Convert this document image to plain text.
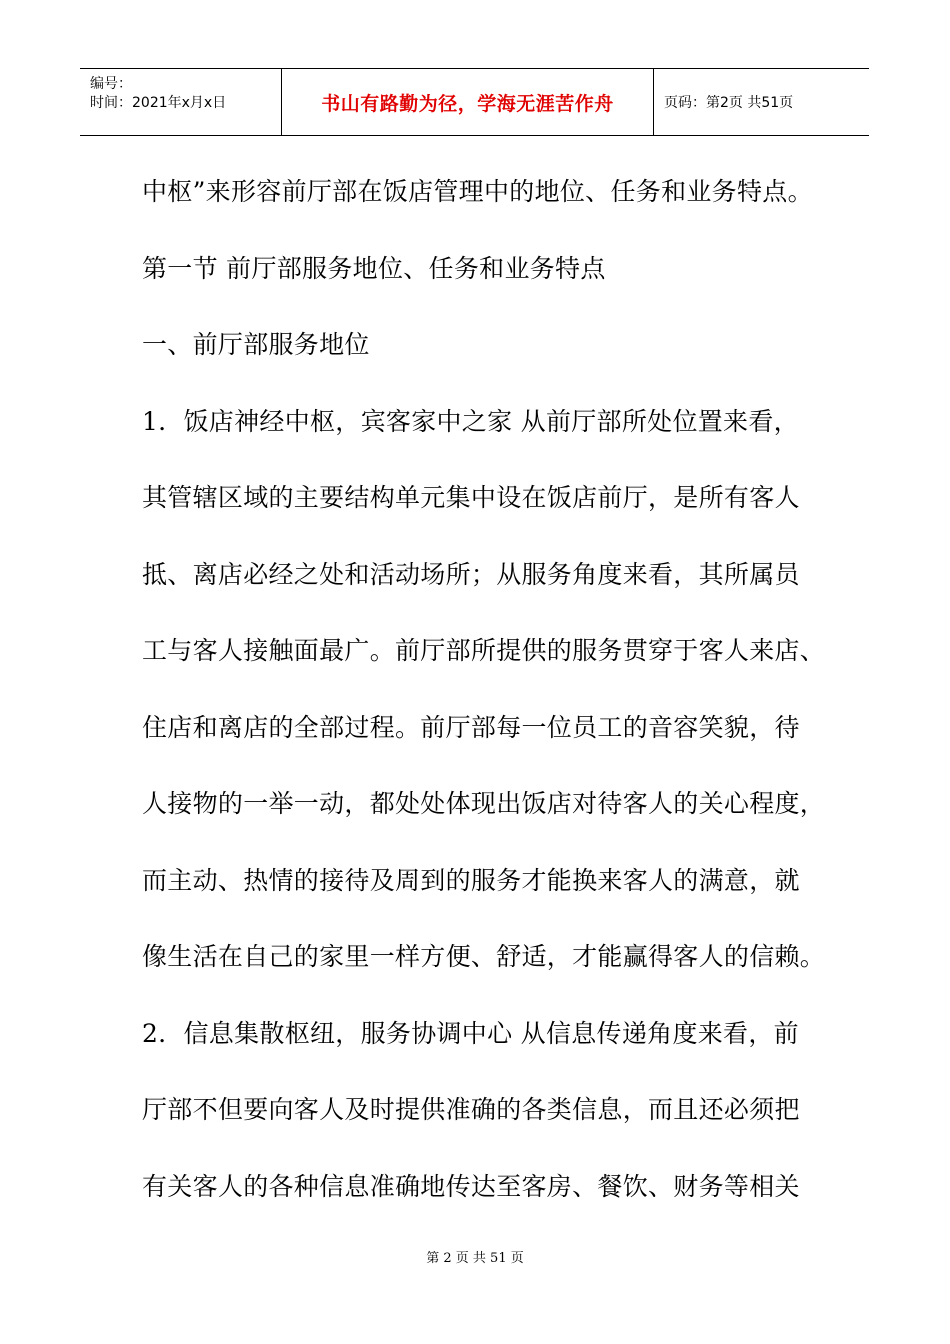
编号：
时间：2021年x月x日	书山有路勤为径，学海无涯苦作舟	页码：第2页 共51页
中枢”来形容前厅部在饭店管理中的地位、任务和业务特点。
第一节 前厅部服务地位、任务和业务特点
一、前厅部服务地位
1．饭店神经中枢，宾客家中之家 从前厅部所处位置来看，
其管辖区域的主要结构单元集中设在饭店前厅，是所有客人
抵、离店必经之处和活动场所；从服务角度来看，其所属员
工与客人接触面最广。前厅部所提供的服务贯穿于客人来店、
住店和离店的全部过程。前厅部每一位员工的音容笑貌，待
人接物的一举一动，都处处体现出饭店对待客人的关心程度，
而主动、热情的接待及周到的服务才能换来客人的满意，就
像生活在自己的家里一样方便、舒适，才能赢得客人的信赖。
2．信息集散枢纽，服务协调中心 从信息传递角度来看，前
厅部不但要向客人及时提供准确的各类信息，而且还必须把
有关客人的各种信息准确地传达至客房、餐饮、财务等相关
第 2 页 共 51 页
